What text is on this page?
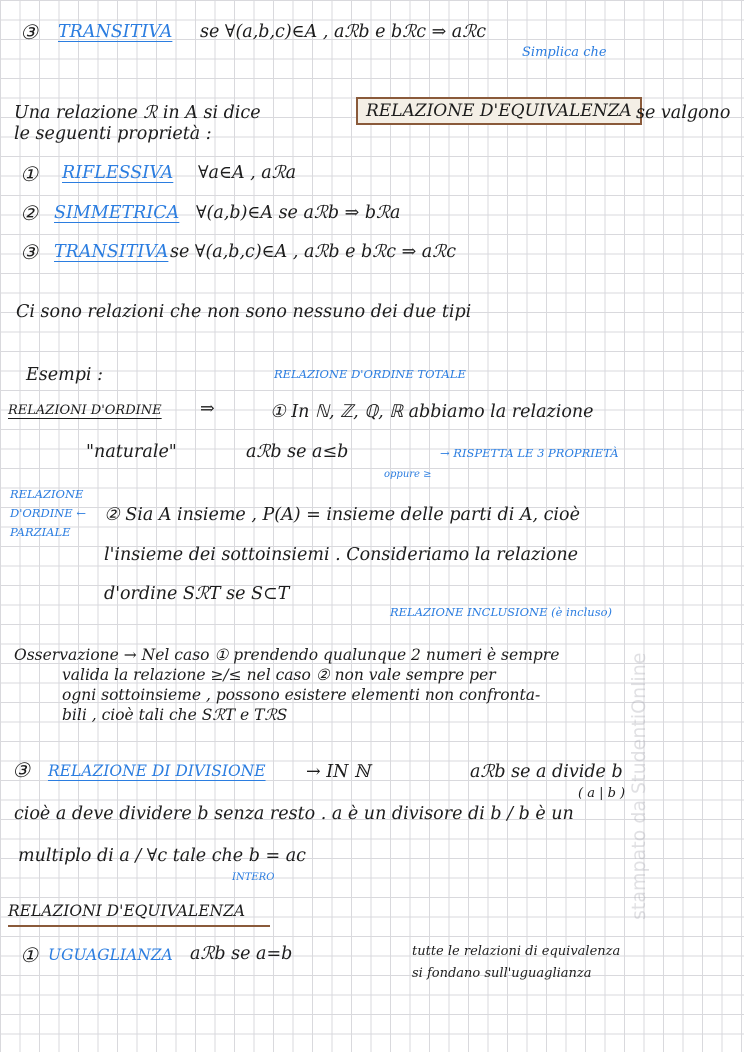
③ TRANSITIVA se ∀(a,b,c)∈A , aℛb e bℛc ⇒ aℛc
Simplica che
Una relazione ℛ in A si dice	RELAZIONE D'EQUIVALENZA se valgono
le seguenti proprietà :
① RIFLESSIVA ∀a∈A , aℛa
② SIMMETRICA ∀(a,b)∈A se aℛb ⇒ bℛa
③ TRANSITIVA se ∀(a,b,c)∈A , aℛb e bℛc ⇒ aℛc
Ci sono relazioni che non sono nessuno dei due tipi
Esempi :	RELAZIONE D'ORDINE TOTALE
RELAZIONI D'ORDINE ⇒	① In ℕ, ℤ, ℚ, ℝ abbiamo la relazione
"naturale"	aℛb se a≤b	→ RISPETTA LE 3 PROPRIETÀ
oppure ≥
RELAZIONE
D'ORDINE ←
PARZIALE
② Sia A insieme , P(A) = insieme delle parti di A, cioè
l'insieme dei sottoinsiemi . Consideriamo la relazione
d'ordine SℛT se S⊂T
RELAZIONE INCLUSIONE (è incluso)
Osservazione → Nel caso ① prendendo qualunque 2 numeri è sempre
valida la relazione ≥/≤ nel caso ② non vale sempre per
ogni sottoinsieme , possono esistere elementi non confronta-
bili , cioè tali che SℛT e TℛS
③ RELAZIONE DI DIVISIONE → IN ℕ	aℛb se a divide b
( a | b )
cioè a deve dividere b senza resto . a è un divisore di b / b è un
multiplo di a / ∀c tale che b = ac
INTERO
RELAZIONI D'EQUIVALENZA
① UGUAGLIANZA aℛb se a=b	tutte le relazioni di equivalenza
si fondano sull'uguaglianza
stampato da StudentiOnline
